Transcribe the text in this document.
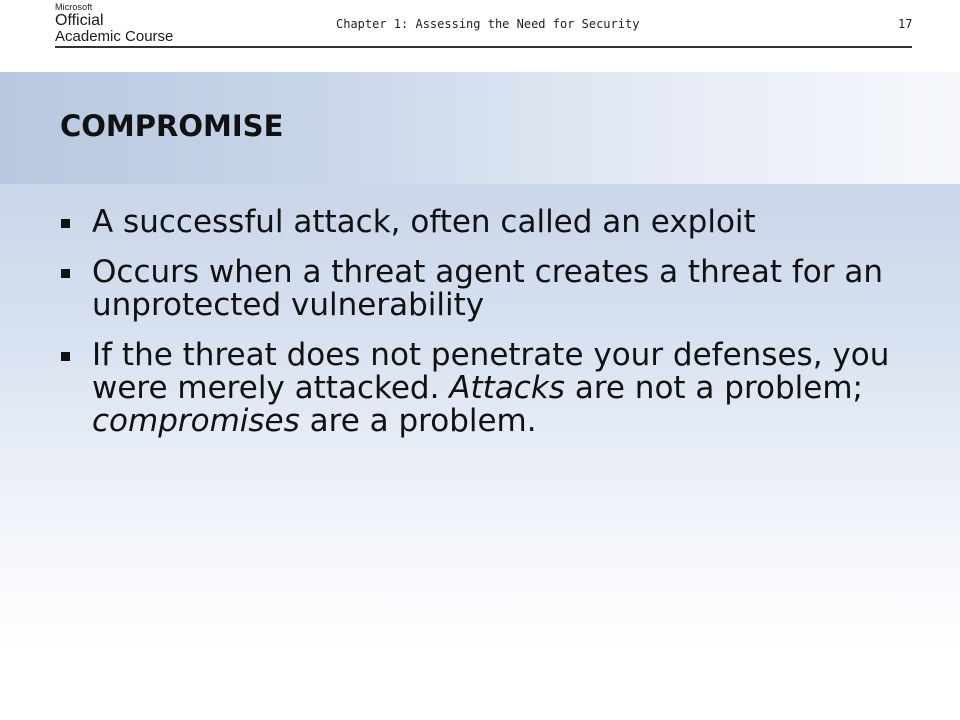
Microsoft
Official
Academic Course
Chapter 1: Assessing the Need for Security	17
COMPROMISE
A successful attack, often called an exploit
Occurs when a threat agent creates a threat for an unprotected vulnerability
If the threat does not penetrate your defenses, you were merely attacked. Attacks are not a problem; compromises are a problem.
